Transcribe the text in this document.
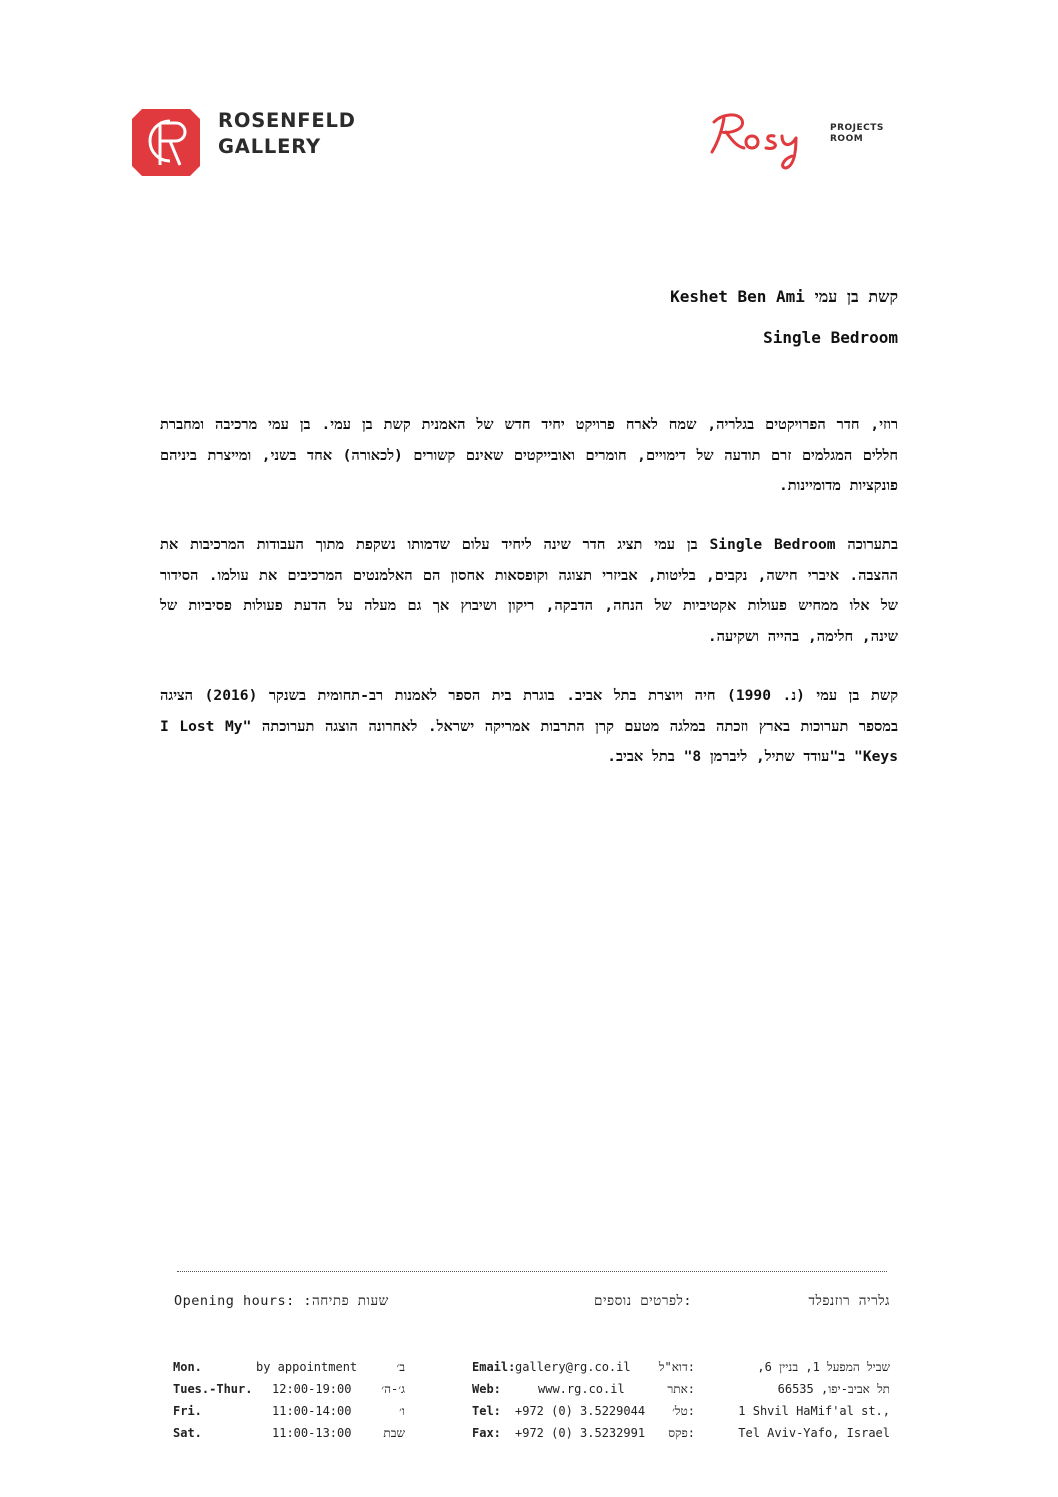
ROSENFELD
GALLERY
PROJECTS
ROOM
Keshet Ben Ami קשת בן עמי
Single Bedroom

רוזי, חדר הפרויקטים בגלריה, שמח לארח פרויקט יחיד חדש של האמנית קשת בן עמי. בן עמי מרכיבה ומחברת חללים המגלמים זרם תודעה של דימויים, חומרים ואובייקטים שאינם קשורים (לכאורה) אחד בשני, ומייצרת ביניהם פונקציות מדומיינות.

בתערוכה Single Bedroom בן עמי תציג חדר שינה ליחיד עלום שדמותו נשקפת מתוך העבודות המרכיבות את ההצבה. איברי חישה, נקבים, בליטות, אביזרי תצוגה וקופסאות אחסון הם האלמנטים המרכיבים את עולמו. הסידור של אלו ממחיש פעולות אקטיביות של הנחה, הדבקה, ריקון ושיבוץ אך גם מעלה על הדעת פעולות פסיביות של שינה, חלימה, בהייה ושקיעה.

קשת בן עמי (נ. 1990) חיה ויוצרת בתל אביב. בוגרת בית הספר לאמנות רב-תחומית בשנקר (2016) הציגה במספר תערוכות בארץ וזכתה במלגה מטעם קרן התרבות אמריקה ישראל. לאחרונה הוצגה תערוכתה "I Lost My Keys" ב"עודד שתיל, ליברמן 8" בתל אביב.

Opening hours: :שעות פתיחה	:לפרטים נוספים	גלריה רוזנפלד
Mon.	by appointment	ב׳
Tues.-Thur. 12:00-19:00 ג׳-ה׳
Fri.	11:00-14:00	ו׳
Sat.	11:00-13:00	שבת
Email: gallery@rg.co.il :דוא"ל
Web:	www.rg.co.il	:אתר
Tel: +972 (0) 3.5229044 :טל׳
Fax: +972 (0) 3.5232991 :פקס
שביל המפעל 1, בניין 6,
תל אביב-יפו, 66535
1 Shvil HaMif'al st.,
Tel Aviv-Yafo, Israel
